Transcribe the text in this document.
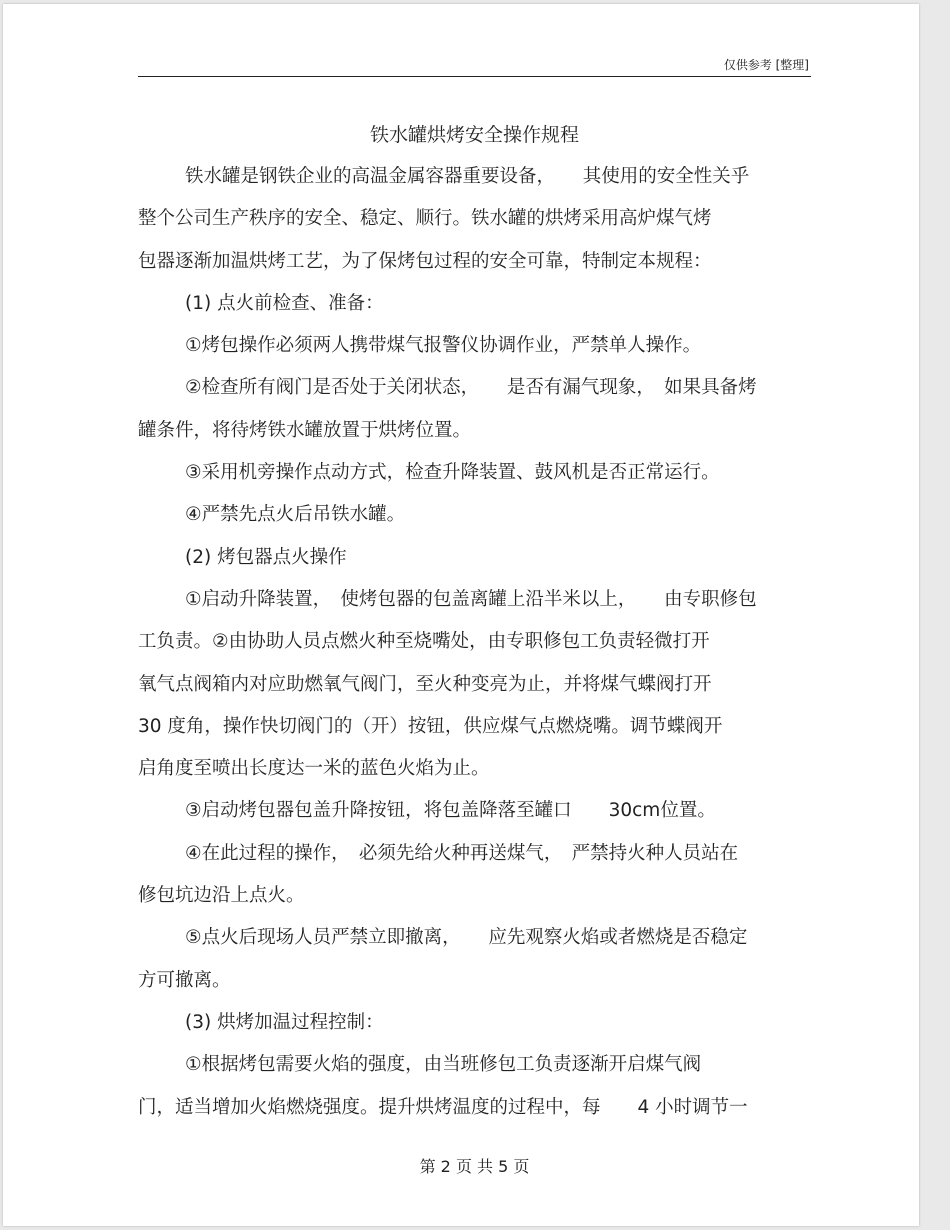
仅供参考 [整理]
铁水罐烘烤安全操作规程
铁水罐是钢铁企业的高温金属容器重要设备，　　其使用的安全性关乎
整个公司生产秩序的安全、稳定、顺行。铁水罐的烘烤采用高炉煤气烤
包器逐渐加温烘烤工艺，为了保烤包过程的安全可靠，特制定本规程：
(1) 点火前检查、准备：
①烤包操作必须两人携带煤气报警仪协调作业，严禁单人操作。
②检查所有阀门是否处于关闭状态，　　是否有漏气现象，　如果具备烤
罐条件，将待烤铁水罐放置于烘烤位置。
③采用机旁操作点动方式，检查升降装置、鼓风机是否正常运行。
④严禁先点火后吊铁水罐。
(2) 烤包器点火操作
①启动升降装置，　使烤包器的包盖离罐上沿半米以上，　　由专职修包
工负责。②由协助人员点燃火种至烧嘴处，由专职修包工负责轻微打开
氧气点阀箱内对应助燃氧气阀门，至火种变亮为止，并将煤气蝶阀打开
30 度角，操作快切阀门的（开）按钮，供应煤气点燃烧嘴。调节蝶阀开
启角度至喷出长度达一米的蓝色火焰为止。
③启动烤包器包盖升降按钮，将包盖降落至罐口　　30cm位置。
④在此过程的操作，　必须先给火种再送煤气，　严禁持火种人员站在
修包坑边沿上点火。
⑤点火后现场人员严禁立即撤离，　　应先观察火焰或者燃烧是否稳定
方可撤离。
(3) 烘烤加温过程控制：
①根据烤包需要火焰的强度，由当班修包工负责逐渐开启煤气阀
门，适当增加火焰燃烧强度。提升烘烤温度的过程中，每　　4 小时调节一
第 2 页 共 5 页
